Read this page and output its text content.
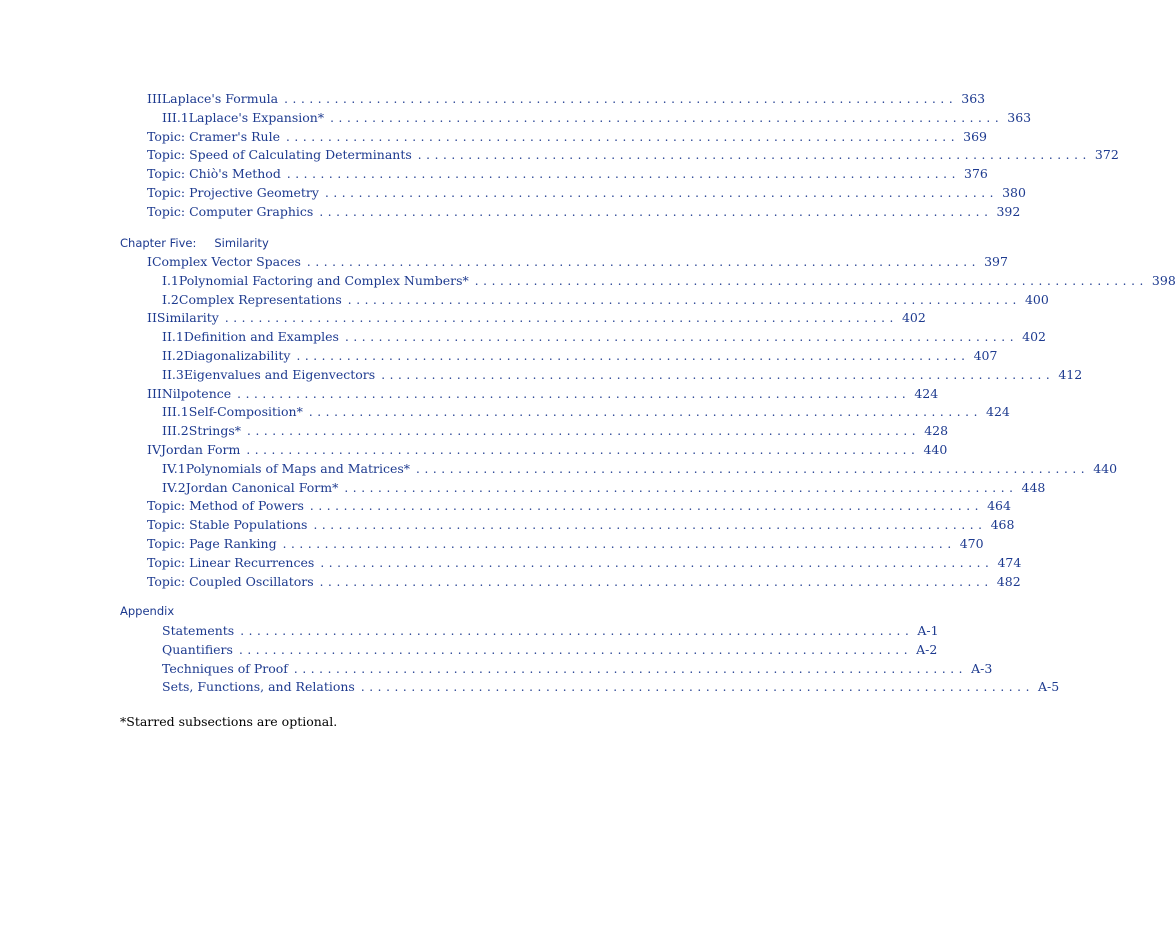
III Laplace's Formula ................................................................................ 363
III.1 Laplace's Expansion* ................................................................................ 363
Topic: Cramer's Rule ................................................................................ 369
Topic: Speed of Calculating Determinants ................................................................................ 372
Topic: Chiò's Method ................................................................................ 376
Topic: Projective Geometry ................................................................................ 380
Topic: Computer Graphics ................................................................................ 392
Chapter Five: Similarity
I Complex Vector Spaces ................................................................................ 397
I.1 Polynomial Factoring and Complex Numbers* ................................................................................ 398
I.2 Complex Representations ................................................................................ 400
II Similarity ................................................................................ 402
II.1 Definition and Examples ................................................................................ 402
II.2 Diagonalizability ................................................................................ 407
II.3 Eigenvalues and Eigenvectors ................................................................................ 412
III Nilpotence ................................................................................ 424
III.1 Self-Composition* ................................................................................ 424
III.2 Strings* ................................................................................ 428
IV Jordan Form ................................................................................ 440
IV.1 Polynomials of Maps and Matrices* ................................................................................ 440
IV.2 Jordan Canonical Form* ................................................................................ 448
Topic: Method of Powers ................................................................................ 464
Topic: Stable Populations ................................................................................ 468
Topic: Page Ranking ................................................................................ 470
Topic: Linear Recurrences ................................................................................ 474
Topic: Coupled Oscillators ................................................................................ 482
Appendix
Statements ................................................................................ A-1
Quantifiers ................................................................................ A-2
Techniques of Proof ................................................................................ A-3
Sets, Functions, and Relations ................................................................................ A-5
*Starred subsections are optional.
